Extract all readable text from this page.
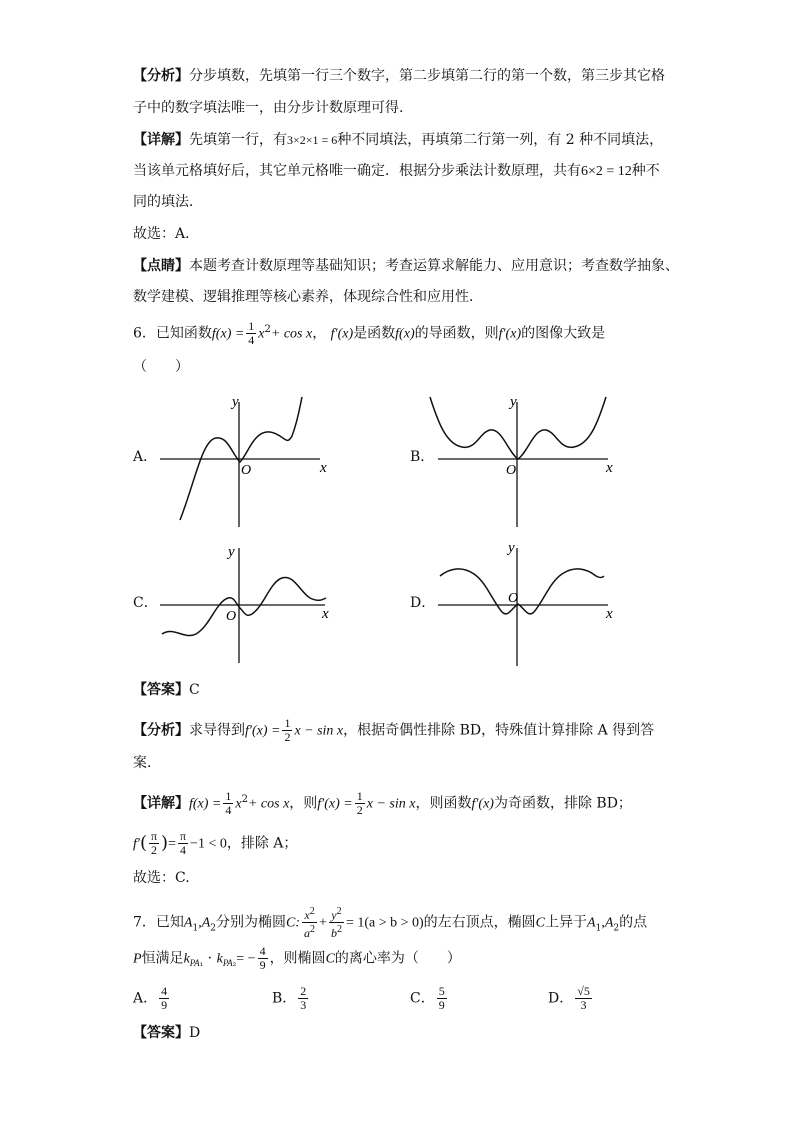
【分析】分步填数，先填第一行三个数字，第二步填第二行的第一个数，第三步其它格
子中的数字填法唯一，由分步计数原理可得.
【详解】先填第一行，有3×2×1 = 6种不同填法，再填第二行第一列，有 2 种不同填法，
当该单元格填好后，其它单元格唯一确定．根据分步乘法计数原理，共有6×2 = 12种不
同的填法．
故选：A．
【点睛】本题考查计数原理等基础知识；考查运算求解能力、应用意识；考查数学抽象、
数学建模、逻辑推理等核心素养，体现综合性和应用性．
6．已知函数$f(x) = \frac{1}{4} x^2+ \cos x$， f′(x)是函数f(x)的导函数，则f′(x)的图像大致是
（　　）
A．	B．
C．	D．
y
x
O
y
x
O
y
x
O
y
x
O
【答案】C
【分析】求导得到$f'(x) = \frac{1}{2}$ x − sin x，根据奇偶性排除 BD，特殊值计算排除 A 得到答
案.
【详解】$f(x) = \frac{1}{4} x^2+ \cos x$，则$f'(x) = \frac{1}{2}$ x − sin x，则函数f′(x)为奇函数，排除 BD；
$f'( \frac{\pi}{2}$ )= $\frac{\pi}{4} -1 < 0$，排除 A；
故选：C.
7．已知$A_1,A_2$分别为椭圆C: $\frac{x^2}{a^2} + \frac{y^2}{b^2} = 1(a > b > 0)$的左右顶点，椭圆C上异于$A_1,A_2$的点
P恒满足$k_{PA_1} \cdot k_{PA_2}= - \frac{4}{9}$ ，则椭圆C的离心率为（　　）
A． $\frac{4}{9}$	B． $\frac{2}{3}$	C． $\frac{5}{9}$	D． $\frac{√5}{3}$
【答案】D
